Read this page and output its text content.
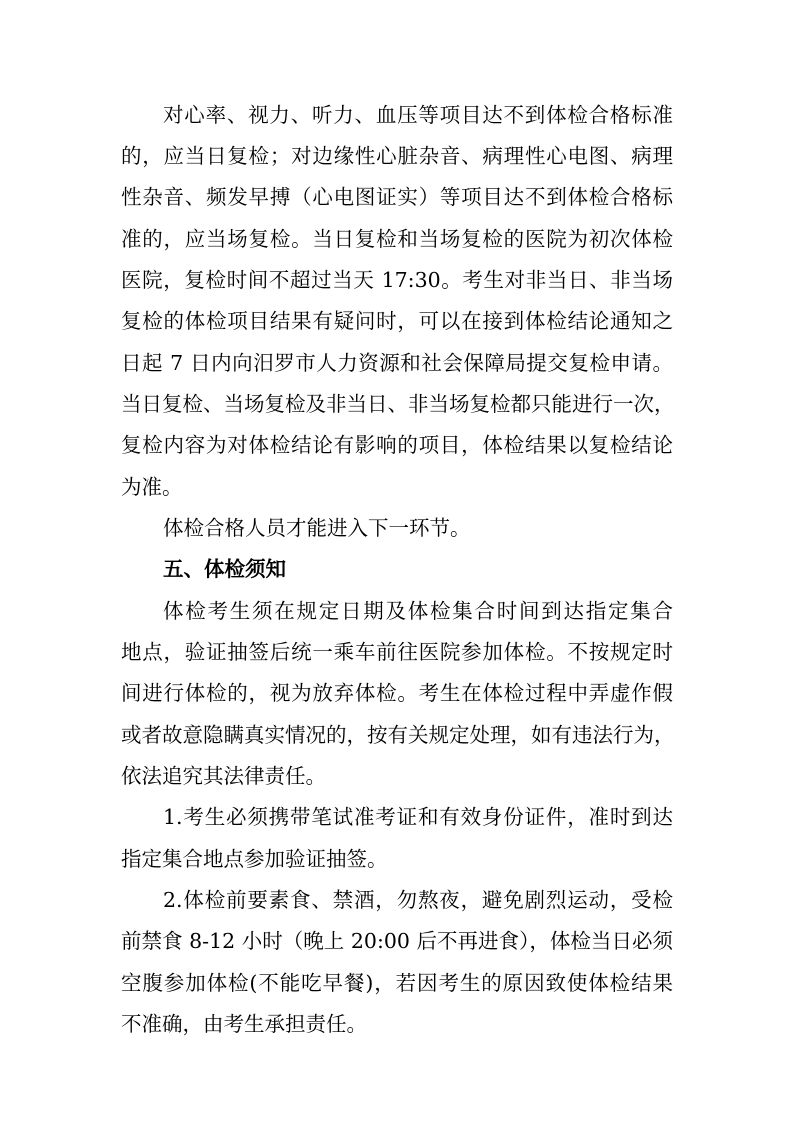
对心率、视力、听力、血压等项目达不到体检合格标准
的，应当日复检；对边缘性心脏杂音、病理性心电图、病理
性杂音、频发早搏（心电图证实）等项目达不到体检合格标
准的，应当场复检。当日复检和当场复检的医院为初次体检
医院，复检时间不超过当天 17:30。考生对非当日、非当场
复检的体检项目结果有疑问时，可以在接到体检结论通知之
日起 7 日内向汨罗市人力资源和社会保障局提交复检申请。
当日复检、当场复检及非当日、非当场复检都只能进行一次，
复检内容为对体检结论有影响的项目，体检结果以复检结论
为准。
体检合格人员才能进入下一环节。
五、体检须知
体检考生须在规定日期及体检集合时间到达指定集合
地点，验证抽签后统一乘车前往医院参加体检。不按规定时
间进行体检的，视为放弃体检。考生在体检过程中弄虚作假
或者故意隐瞒真实情况的，按有关规定处理，如有违法行为，
依法追究其法律责任。
1.考生必须携带笔试准考证和有效身份证件，准时到达
指定集合地点参加验证抽签。
2.体检前要素食、禁酒，勿熬夜，避免剧烈运动，受检
前禁食 8-12 小时（晚上 20:00 后不再进食），体检当日必须
空腹参加体检(不能吃早餐)，若因考生的原因致使体检结果
不准确，由考生承担责任。
